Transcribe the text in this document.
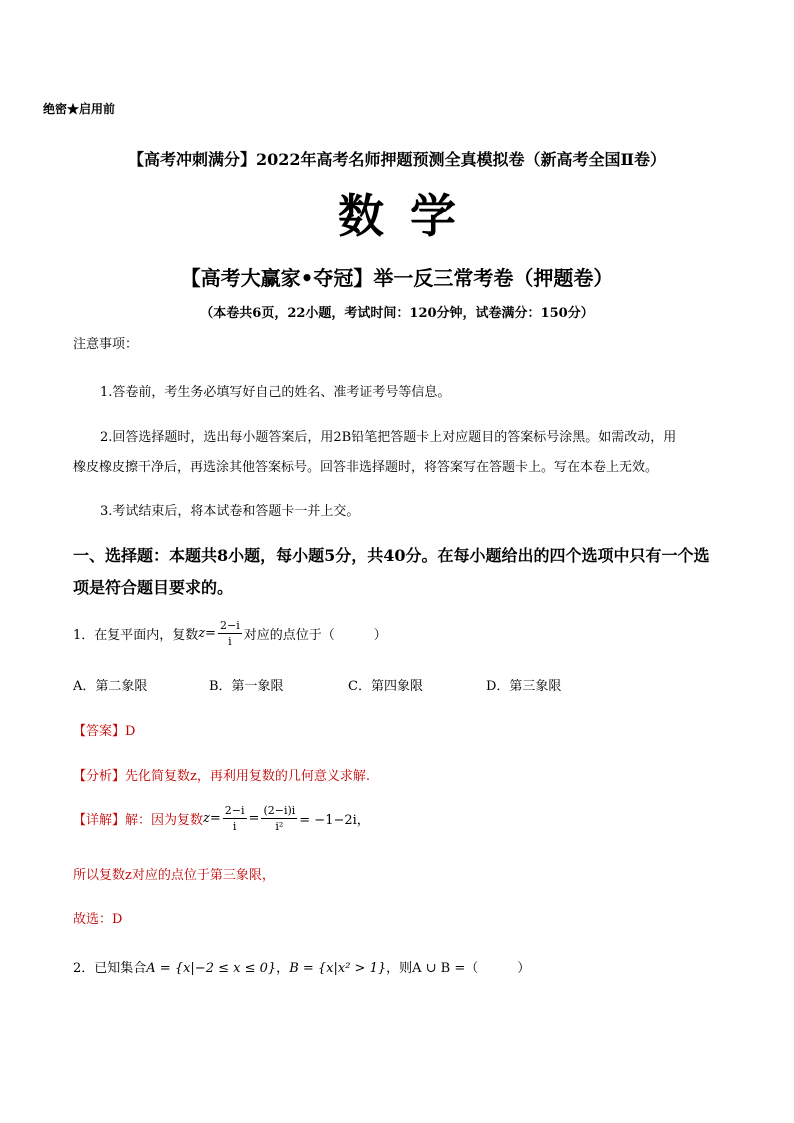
绝密★启用前
【高考冲刺满分】2022年高考名师押题预测全真模拟卷（新高考全国Ⅱ卷）
数学
【高考大赢家•夺冠】举一反三常考卷（押题卷）
（本卷共6页，22小题，考试时间：120分钟，试卷满分：150分）
注意事项：
1.答卷前，考生务必填写好自己的姓名、准考证考号等信息。
2.回答选择题时，选出每小题答案后，用2B铅笔把答题卡上对应题目的答案标号涂黑。如需改动，用
橡皮橡皮擦干净后，再选涂其他答案标号。回答非选择题时，将答案写在答题卡上。写在本卷上无效。
3.考试结束后，将本试卷和答题卡一并上交。
一、选择题：本题共8小题，每小题5分，共40分。在每小题给出的四个选项中只有一个选
项是符合题目要求的。
1．在复平面内，复数 $z = \frac{2-i}{i}$ 对应的点位于（　　　）
A．第二象限	B．第一象限	C．第四象限	D．第三象限
【答案】D
【分析】先化简复数z，再利用复数的几何意义求解.
【详解】 解：因为复数 $z = \frac{2-i}{i} = \frac{(2-i)i}{\text{i²}} = -1-2i$，
所以复数z对应的点位于第三象限，
故选：D
2．已知集合A = {x|−2 ≤ x ≤ 0}，B = {x|x² > 1}，则A ∪ B =（　　　）
